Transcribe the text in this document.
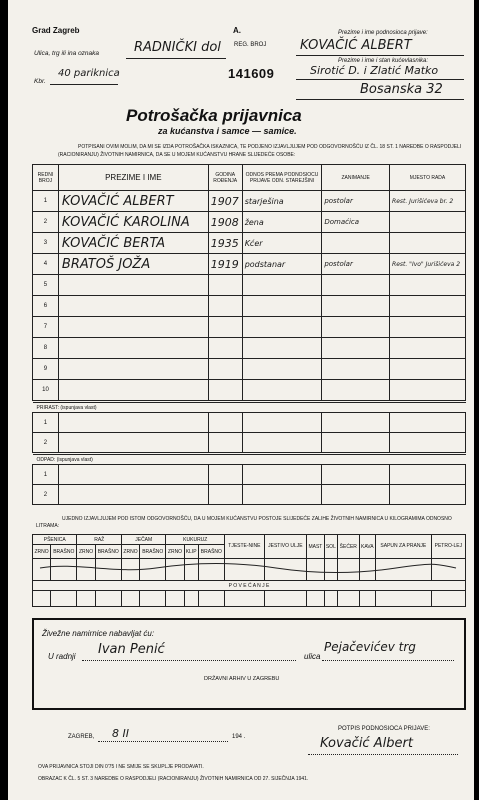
Grad Zagreb	A.
REG. BROJ
Ulica, trg ili ina oznaka	RADNIČKI dol
Kbr.
40 pariknica	141609
Prezime i ime podnosioca prijave:
KOVAČIĆ ALBERT
Prezime i ime i stan kućevlasnika:
Sirotić D. i Zlatić Matko
Bosanska 32
Potrošačka prijavnica
za kućanstva i samce — samice.
POTPISANI OVIM MOLIM, DA MI SE IZDA POTROŠAČKA ISKAZNICA, TE PODJENO IZJAVLJUJEM POD ODGOVORNOŠĆU IZ ČL. 18 ST. 1 NAREDBE O RASPODJELI (RACIONIRANJU) ŽIVOTNIH NAMIRNICA, DA SE U MOJEM KUĆANSTVU HRANE SLIJEDEĆE OSOBE:
REDNI BROJ	PREZIME I IME	GODINA ROĐENJA	ODNOS PREMA PODNOSIOCU PRIJAVE ODN. STAREJŠINI	ZANIMANJE	MJESTO RADA
1	KOVAČIĆ ALBERT	1907	starješina	postolar	Rest. Jurišićeva br. 2
2	KOVAČIĆ KAROLINA	1908	žena	Domaćica	
3	KOVAČIĆ BERTA	1935	Kćer		
4	BRATOŠ JOŽA	1919	podstanar	postolar	Rest. "Ivo" Jurišićeva 2
5					
6					
7					
8					
9					
10					
PRIRAST: (ispunjava vlast)					
1					
2					
ODPAD: (ispunjava vlast)					
1					
2					
UJEDNO IZJAVLJUJEM POD ISTOM ODGOVORNOŠĆU, DA U MOJEM KUĆANSTVU POSTOJE SLIJEDEĆE ZALIHE ŽIVOTNIH NAMIRNICA U KILOGRAMIMA ODNOSNO LITRAMA:
PŠENICA		RAŽ		JEČAM		KUKURUZ			TJESTE-NINE	JESTIVO ULJE	MAST	SOL	ŠEĆER	KAVA	SAPUN ZA PRANJE	PETRO-LEJ
ZRNO	BRAŠNO	ZRNO	BRAŠNO	ZRNO	BRAŠNO	ZRNO	KLIP	BRAŠNO								

P O V E Ć A N J E																

Živežne namirnice nabavljat ću:
U radnji Ivan Penić	ulica
Pejačevićev trg
DRŽAVNI ARHIV U ZAGREBU
ZAGREB, 8 II	194 .
POTPIS PODNOSIOCA PRIJAVE:
Kovačić Albert
OVA PRIJAVNICA STOJI DIN 0'75 I NE SMIJE SE SKUPLJE PRODAVATI.
OBRAZAC K ČL. 5 ST. 3 NAREDBE O RASPODJELI (RACIONIRANJU) ŽIVOTNIH NAMIRNICA OD 27. SIJEČNJA 1941.
